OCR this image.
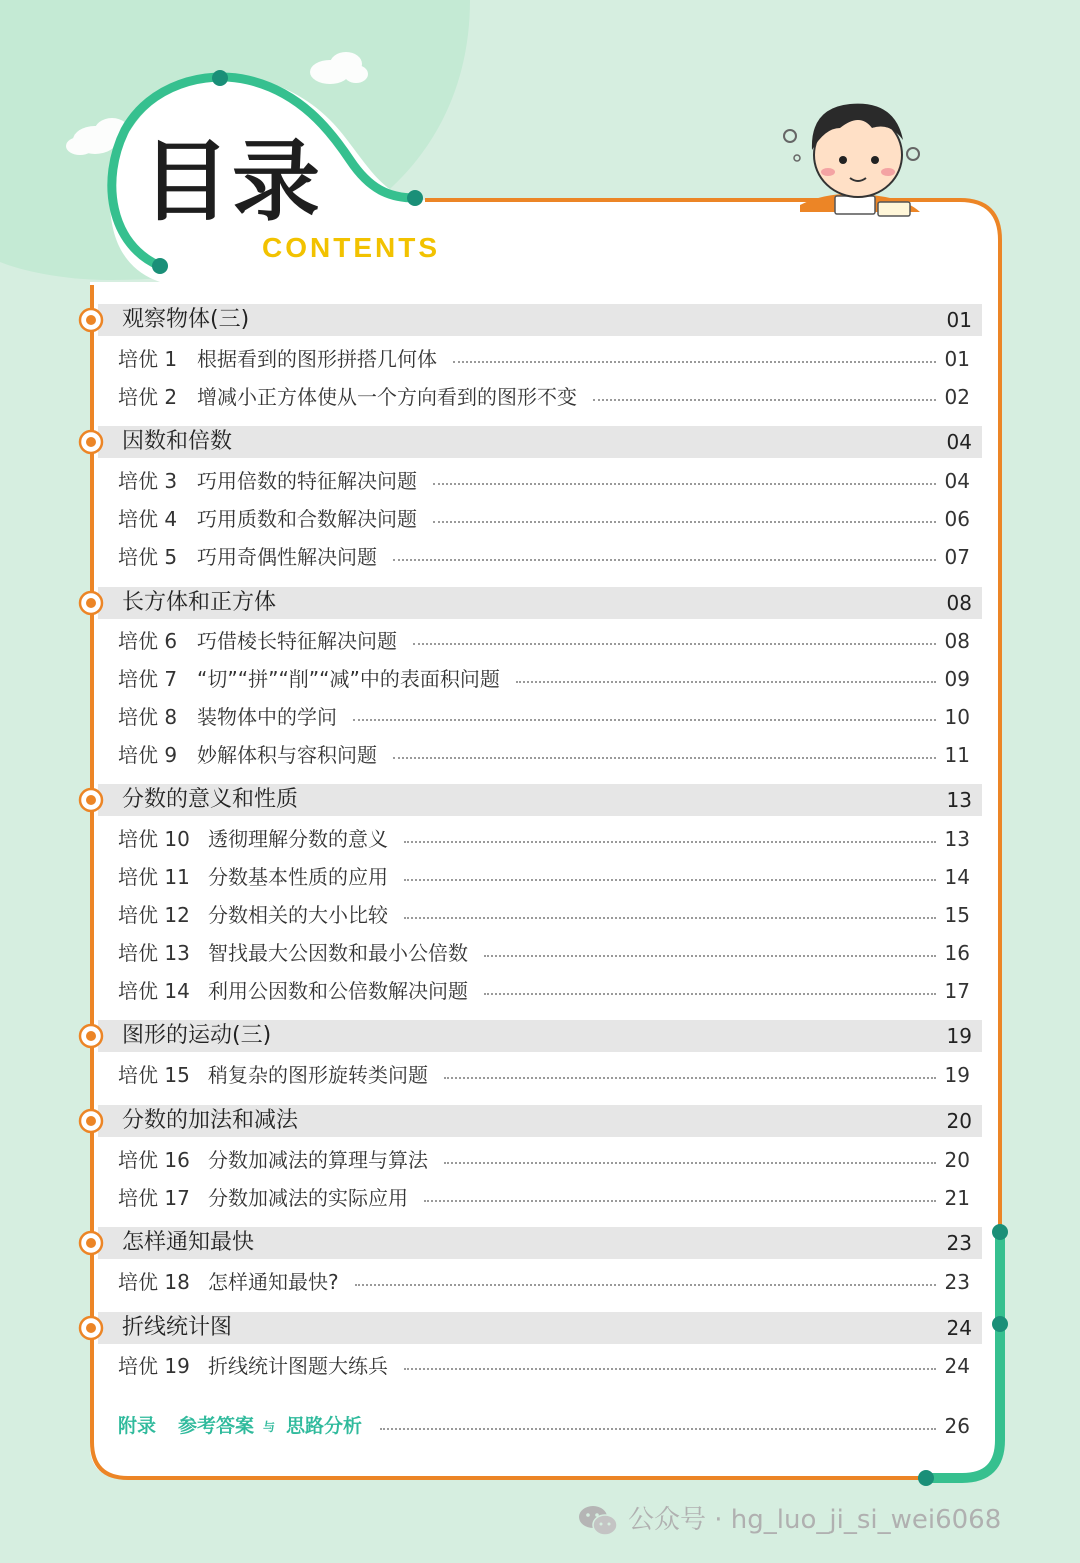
目录
CONTENTS
观察物体(三)	01
培优 1 根据看到的图形拼搭几何体	01
培优 2 增减小正方体使从一个方向看到的图形不变	02
因数和倍数	04
培优 3 巧用倍数的特征解决问题	04
培优 4 巧用质数和合数解决问题	06
培优 5 巧用奇偶性解决问题	07
长方体和正方体	08
培优 6 巧借棱长特征解决问题	08
培优 7 “切”“拼”“削”“减”中的表面积问题	09
培优 8 装物体中的学问	10
培优 9 妙解体积与容积问题	11
分数的意义和性质	13
培优 10 透彻理解分数的意义	13
培优 11 分数基本性质的应用	14
培优 12 分数相关的大小比较	15
培优 13 智找最大公因数和最小公倍数	16
培优 14 利用公因数和公倍数解决问题	17
图形的运动(三)	19
培优 15 稍复杂的图形旋转类问题	19
分数的加法和减法	20
培优 16 分数加减法的算理与算法	20
培优 17 分数加减法的实际应用	21
怎样通知最快	23
培优 18 怎样通知最快?	23
折线统计图	24
培优 19 折线统计图题大练兵	24
附录 参考答案 与 思路分析	26
公众号 · hg_luo_ji_si_wei6068
